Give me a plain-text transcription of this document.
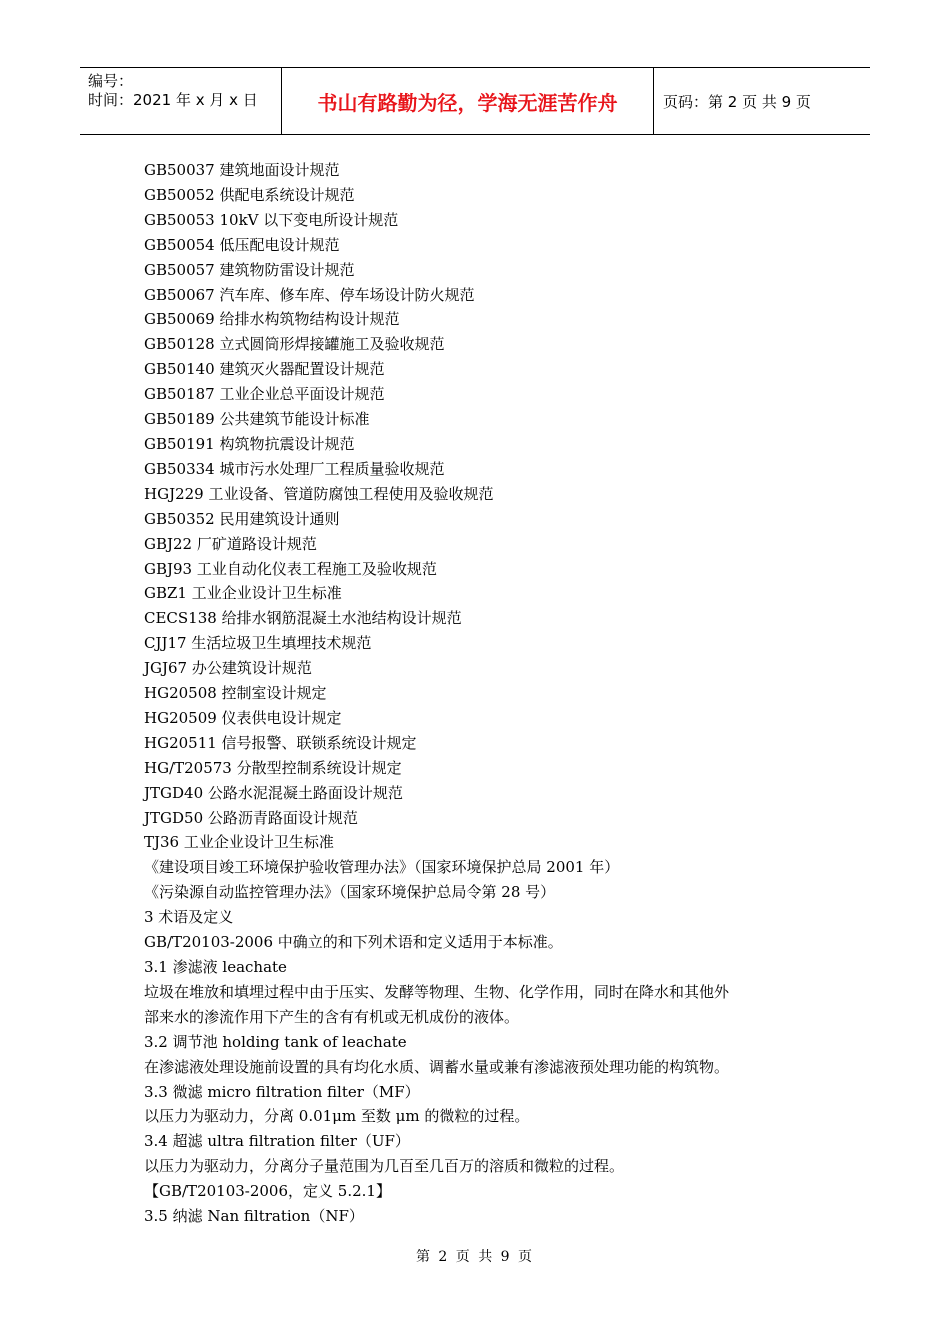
编号：
时间：2021 年 x 月 x 日	书山有路勤为径，学海无涯苦作舟	页码：第 2 页 共 9 页
GB50037 建筑地面设计规范
GB50052 供配电系统设计规范
GB50053 10kV 以下变电所设计规范
GB50054 低压配电设计规范
GB50057 建筑物防雷设计规范
GB50067 汽车库、修车库、停车场设计防火规范
GB50069 给排水构筑物结构设计规范
GB50128 立式圆筒形焊接罐施工及验收规范
GB50140 建筑灭火器配置设计规范
GB50187 工业企业总平面设计规范
GB50189 公共建筑节能设计标准
GB50191 构筑物抗震设计规范
GB50334 城市污水处理厂工程质量验收规范
HGJ229 工业设备、管道防腐蚀工程使用及验收规范
GB50352 民用建筑设计通则
GBJ22 厂矿道路设计规范
GBJ93 工业自动化仪表工程施工及验收规范
GBZ1 工业企业设计卫生标准
CECS138 给排水钢筋混凝土水池结构设计规范
CJJ17 生活垃圾卫生填埋技术规范
JGJ67 办公建筑设计规范
HG20508 控制室设计规定
HG20509 仪表供电设计规定
HG20511 信号报警、联锁系统设计规定
HG/T20573 分散型控制系统设计规定
JTGD40 公路水泥混凝土路面设计规范
JTGD50 公路沥青路面设计规范
TJ36 工业企业设计卫生标准
《建设项目竣工环境保护验收管理办法》（国家环境保护总局 2001 年）
《污染源自动监控管理办法》（国家环境保护总局令第 28 号）
3 术语及定义
GB/T20103-2006 中确立的和下列术语和定义适用于本标准。
3.1 渗滤液 leachate
垃圾在堆放和填埋过程中由于压实、发酵等物理、生物、化学作用，同时在降水和其他外
部来水的渗流作用下产生的含有有机或无机成份的液体。
3.2 调节池 holding tank of leachate
在渗滤液处理设施前设置的具有均化水质、调蓄水量或兼有渗滤液预处理功能的构筑物。
3.3 微滤 micro filtration filter（MF）
以压力为驱动力，分离 0.01μm 至数 μm 的微粒的过程。
3.4 超滤 ultra filtration filter（UF）
以压力为驱动力，分离分子量范围为几百至几百万的溶质和微粒的过程。
【GB/T20103-2006，定义 5.2.1】
3.5 纳滤 Nan filtration（NF）
第 2 页 共 9 页
